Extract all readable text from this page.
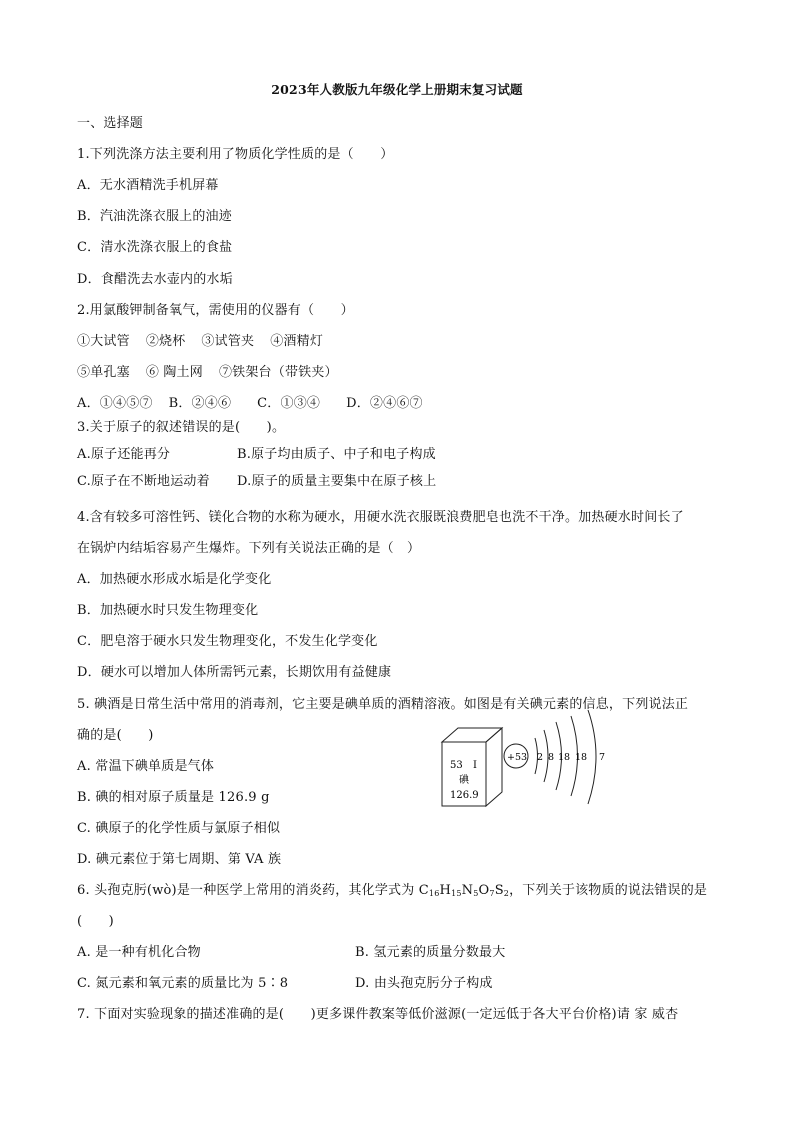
2023年人教版九年级化学上册期末复习试题
一、选择题
1.下列洗涤方法主要利用了物质化学性质的是（　　）
A．无水酒精洗手机屏幕
B．汽油洗涤衣服上的油迹
C．清水洗涤衣服上的食盐
D．食醋洗去水壶内的水垢
2.用氯酸钾制备氧气，需使用的仪器有（　　）
①大试管 ②烧杯 ③试管夹 ④酒精灯
⑤单孔塞 ⑥ 陶土网 ⑦铁架台（带铁夹）
A．①④⑤⑦ B．②④⑥ C．①③④ D．②④⑥⑦
3.关于原子的叙述错误的是(　　)。
A.原子还能再分	B.原子均由质子、中子和电子构成
C.原子在不断地运动着 D.原子的质量主要集中在原子核上
4.含有较多可溶性钙、镁化合物的水称为硬水，用硬水洗衣服既浪费肥皂也洗不干净。加热硬水时间长了
在锅炉内结垢容易产生爆炸。下列有关说法正确的是（　）
A．加热硬水形成水垢是化学变化
B．加热硬水时只发生物理变化
C．肥皂溶于硬水只发生物理变化，不发生化学变化
D．硬水可以增加人体所需钙元素，长期饮用有益健康
5. 碘酒是日常生活中常用的消毒剂，它主要是碘单质的酒精溶液。如图是有关碘元素的信息，下列说法正
确的是(　　)
A. 常温下碘单质是气体
B. 碘的相对原子质量是 126.9 g
C. 碘原子的化学性质与氯原子相似
D. 碘元素位于第七周期、第 VA 族
53 I
碘
126.9
+53 2 8 18 18 7
6. 头孢克肟(wò)是一种医学上常用的消炎药，其化学式为 $C_{16}H_{15}N_5O_7S_2$，下列关于该物质的说法错误的是
(　　)
A. 是一种有机化合物	B. 氢元素的质量分数最大
C. 氮元素和氧元素的质量比为 5∶8	D. 由头孢克肟分子构成
7. 下面对实验现象的描述准确的是(　　)更多课件教案等低价滋源(一定远低于各大平台价格)请 家 威杏
